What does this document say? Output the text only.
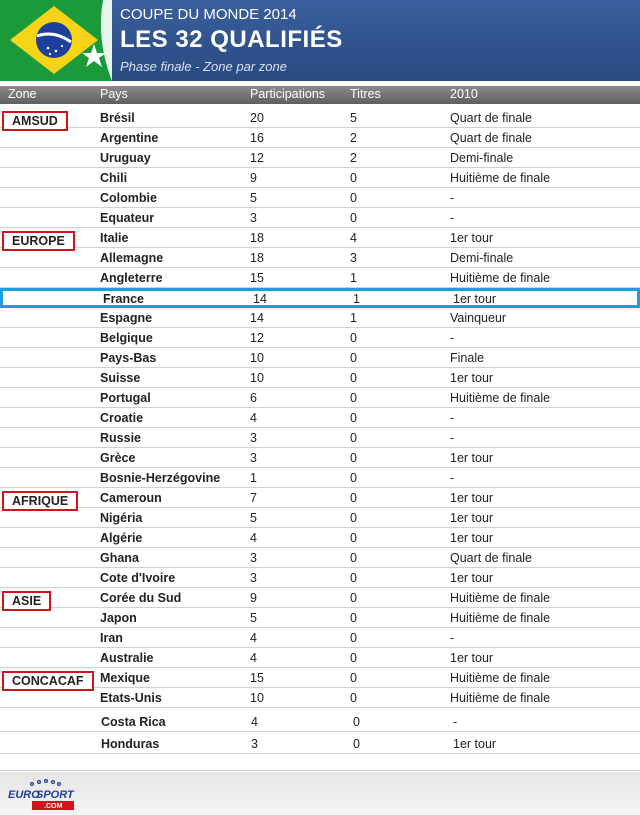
COUPE DU MONDE 2014
LES 32 QUALIFIÉS
Phase finale - Zone par zone
Zone	Pays	Participations Titres	2010
AMSUD	Brésil	20	5	Quart de finale
Argentine	16	2	Quart de finale
Uruguay	12	2	Demi-finale
Chili	9	0	Huitième de finale
Colombie	5	0	-
Equateur	3	0	-
EUROPE	Italie	18	4	1er tour
Allemagne	18	3	Demi-finale
Angleterre	15	1	Huitième de finale
France	14	1	1er tour
Espagne	14	1	Vainqueur
Belgique	12	0	-
Pays-Bas	10	0	Finale
Suisse	10	0	1er tour
Portugal	6	0	Huitième de finale
Croatie	4	0	-
Russie	3	0	-
Grèce	3	0	1er tour
Bosnie-Herzégovine 1	0	-
AFRIQUE	Cameroun	7	0	1er tour
Nigéria	5	0	1er tour
Algérie	4	0	1er tour
Ghana	3	0	Quart de finale
Cote d'Ivoire	3	0	1er tour
ASIE	Corée du Sud	9	0	Huitième de finale
Japon	5	0	Huitième de finale
Iran	4	0	-
Australie	4	0	1er tour
CONCACAF	Mexique	15	0	Huitième de finale
Etats-Unis	10	0	Huitième de finale
Costa Rica	4	0	-
Honduras	3	0	1er tour
EURO
SPORT
.COM
